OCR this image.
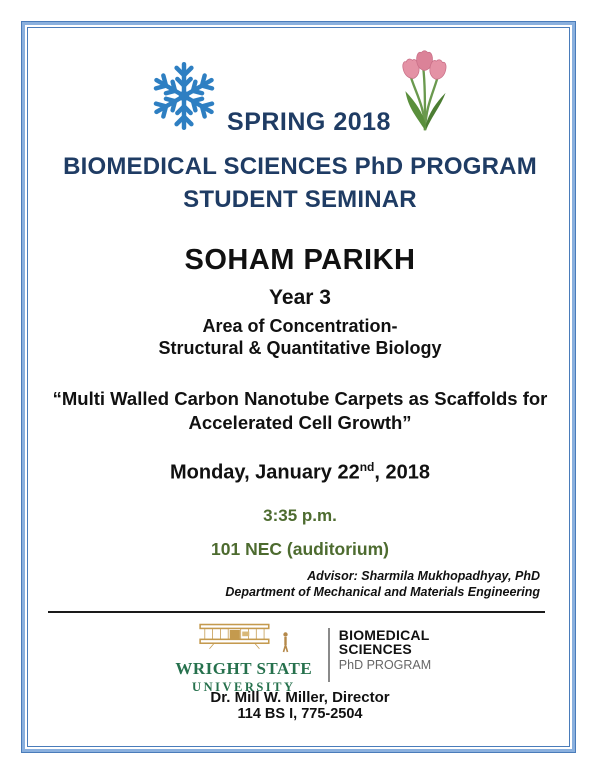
SPRING 2018
BIOMEDICAL SCIENCES PhD PROGRAM
STUDENT SEMINAR
SOHAM PARIKH
Year 3
Area of Concentration-
Structural & Quantitative Biology
“Multi Walled Carbon Nanotube Carpets as Scaffolds for
Accelerated Cell Growth”
Monday, January 22nd, 2018
3:35 p.m.
101 NEC (auditorium)
Advisor: Sharmila Mukhopadhyay, PhD
Department of Mechanical and Materials Engineering
WRIGHT STATE
UNIVERSITY
BIOMEDICAL
SCIENCES
PhD PROGRAM
Dr. Mill W. Miller, Director
114 BS I, 775-2504
